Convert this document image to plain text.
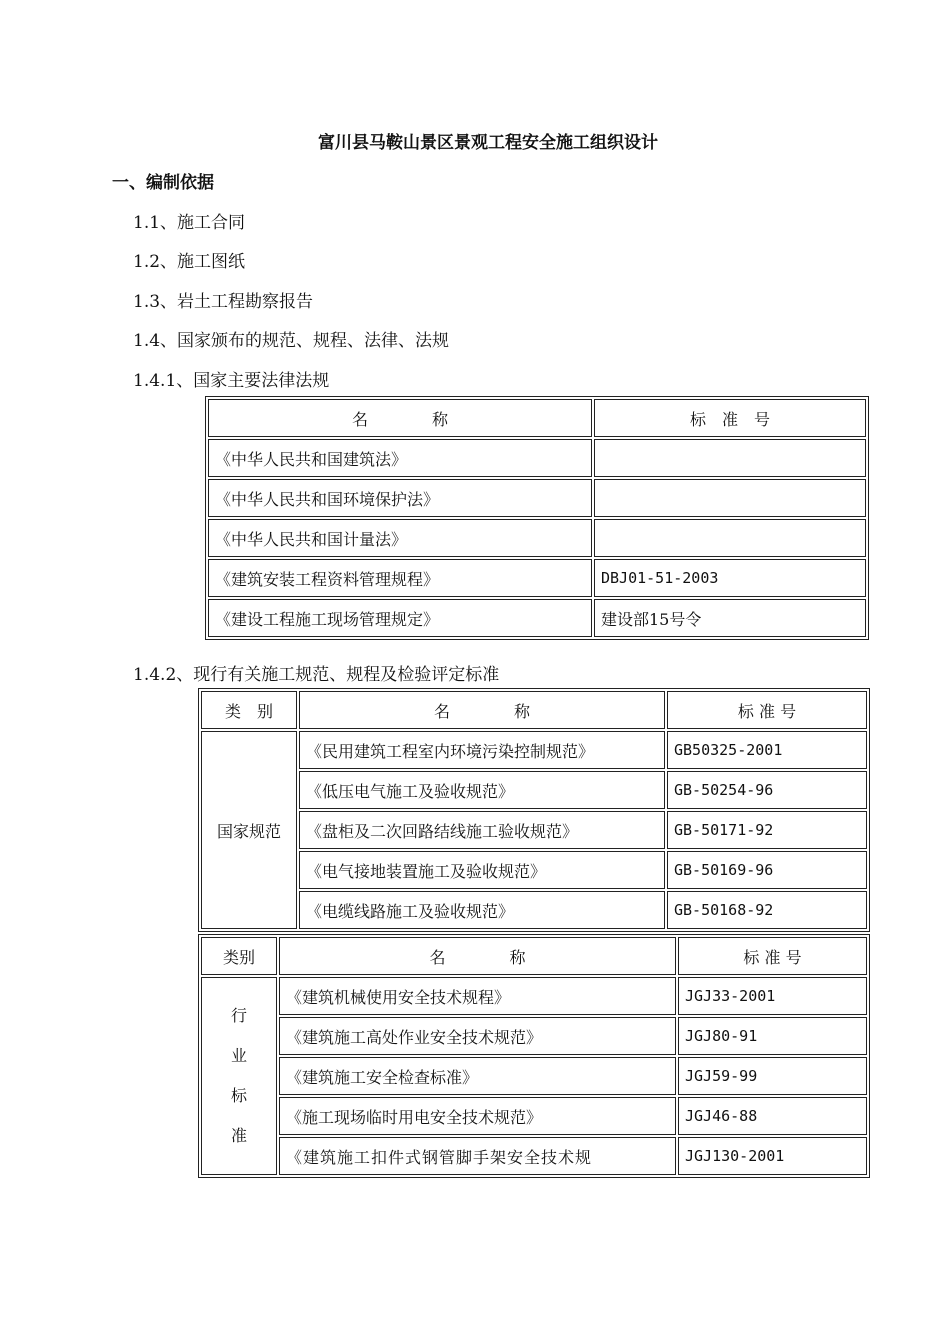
富川县马鞍山景区景观工程安全施工组织设计
一、编制依据
1.1、施工合同
1.2、施工图纸
1.3、岩土工程勘察报告
1.4、国家颁布的规范、规程、法律、法规
1.4.1、国家主要法律法规
名　　　　称	标　准　号
《中华人民共和国建筑法》	
《中华人民共和国环境保护法》	
《中华人民共和国计量法》	
《建筑安装工程资料管理规程》	DBJ01-51-2003
《建设工程施工现场管理规定》	建设部15号令
1.4.2、现行有关施工规范、规程及检验评定标准
类　别	名　　　　称	标 准 号
国家规范	《民用建筑工程室内环境污染控制规范》	GB50325-2001
	《低压电气施工及验收规范》	GB-50254-96
	《盘柜及二次回路结线施工验收规范》	GB-50171-92
	《电气接地装置施工及验收规范》	GB-50169-96
	《电缆线路施工及验收规范》	GB-50168-92
类别	名　　　　称	标 准 号

行
业
标
准	《建筑机械使用安全技术规程》	JGJ33-2001
	《建筑施工高处作业安全技术规范》	JGJ80-91
	《建筑施工安全检查标准》	JGJ59-99
	《施工现场临时用电安全技术规范》	JGJ46-88
	《建筑施工扣件式钢管脚手架安全技术规	JGJ130-2001
